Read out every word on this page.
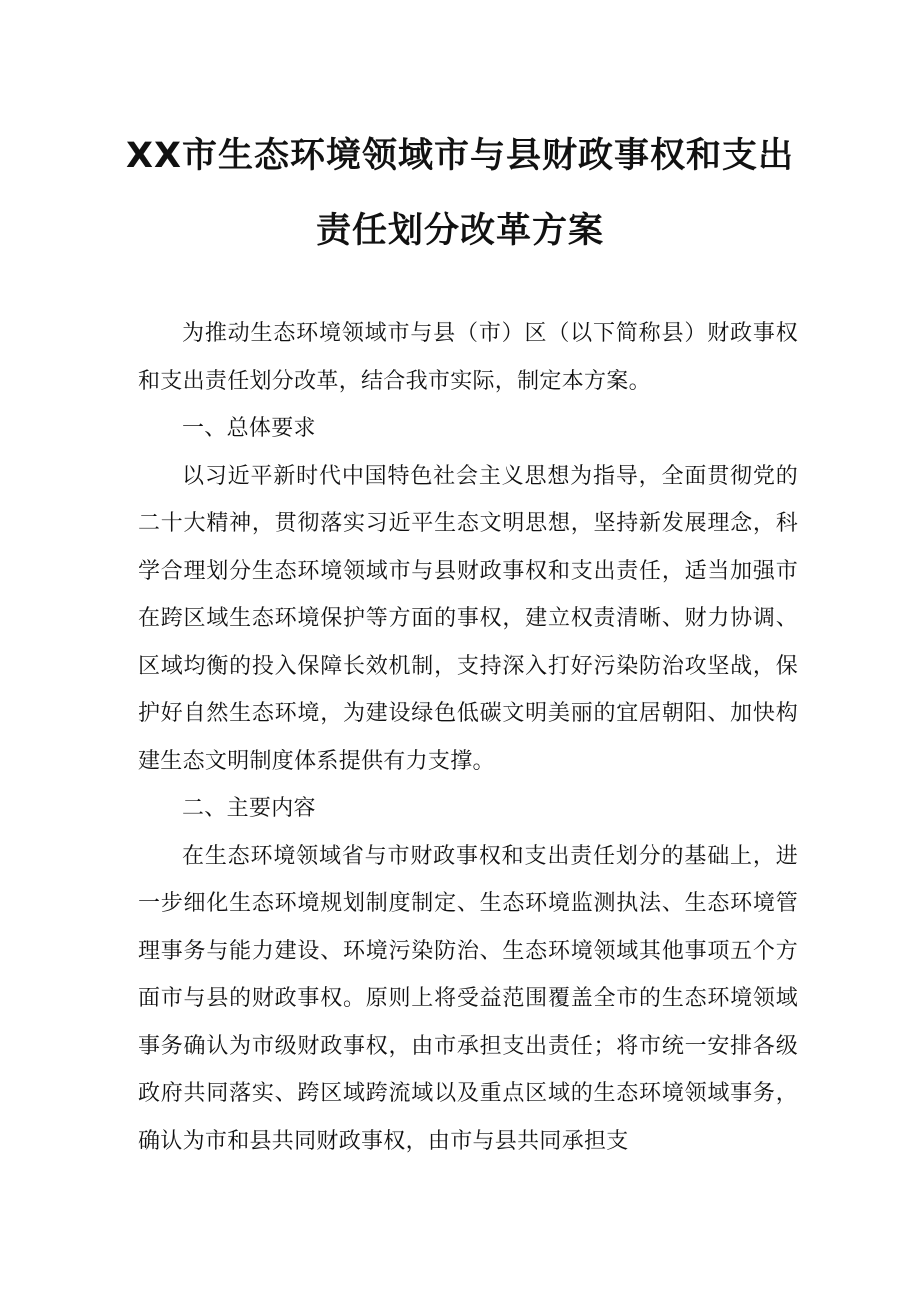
XX市生态环境领域市与县财政事权和支出
责任划分改革方案

为推动生态环境领域市与县（市）区（以下简称县）财政事权和支出责任划分改革，结合我市实际，制定本方案。

一、总体要求

以习近平新时代中国特色社会主义思想为指导，全面贯彻党的二十大精神，贯彻落实习近平生态文明思想，坚持新发展理念，科学合理划分生态环境领域市与县财政事权和支出责任，适当加强市在跨区域生态环境保护等方面的事权，建立权责清晰、财力协调、区域均衡的投入保障长效机制，支持深入打好污染防治攻坚战，保护好自然生态环境，为建设绿色低碳文明美丽的宜居朝阳、加快构建生态文明制度体系提供有力支撑。

二、主要内容

在生态环境领域省与市财政事权和支出责任划分的基础上，进一步细化生态环境规划制度制定、生态环境监测执法、生态环境管理事务与能力建设、环境污染防治、生态环境领域其他事项五个方面市与县的财政事权。原则上将受益范围覆盖全市的生态环境领域事务确认为市级财政事权，由市承担支出责任；将市统一安排各级政府共同落实、跨区域跨流域以及重点区域的生态环境领域事务，确认为市和县共同财政事权，由市与县共同承担支
